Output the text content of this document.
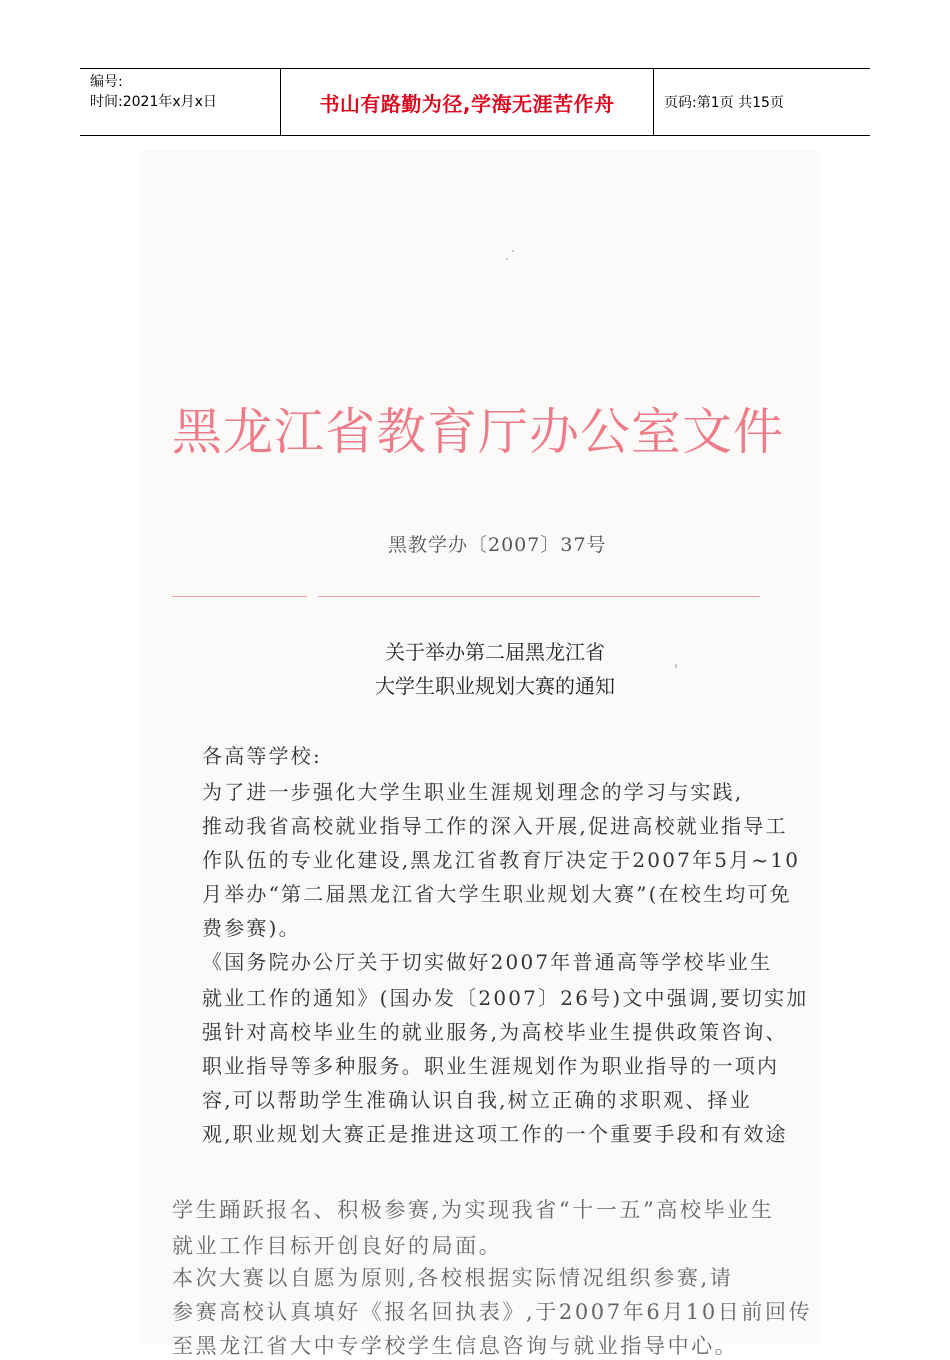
编号:
时间:2021年x月x日	书山有路勤为径,学海无涯苦作舟	页码:第1页 共15页
黑龙江省教育厅办公室文件
黑教学办〔2007〕37号
关于举办第二届黑龙江省
大学生职业规划大赛的通知
各高等学校:
为了进一步强化大学生职业生涯规划理念的学习与实践,
推动我省高校就业指导工作的深入开展,促进高校就业指导工
作队伍的专业化建设,黑龙江省教育厅决定于2007年5月~10
月举办“第二届黑龙江省大学生职业规划大赛”(在校生均可免
费参赛)。
《国务院办公厅关于切实做好2007年普通高等学校毕业生
就业工作的通知》(国办发〔2007〕26号)文中强调,要切实加
强针对高校毕业生的就业服务,为高校毕业生提供政策咨询、
职业指导等多种服务。职业生涯规划作为职业指导的一项内
容,可以帮助学生准确认识自我,树立正确的求职观、择业
观,职业规划大赛正是推进这项工作的一个重要手段和有效途
学生踊跃报名、积极参赛,为实现我省“十一五”高校毕业生
就业工作目标开创良好的局面。
本次大赛以自愿为原则,各校根据实际情况组织参赛,请
参赛高校认真填好《报名回执表》,于2007年6月10日前回传
至黑龙江省大中专学校学生信息咨询与就业指导中心。
